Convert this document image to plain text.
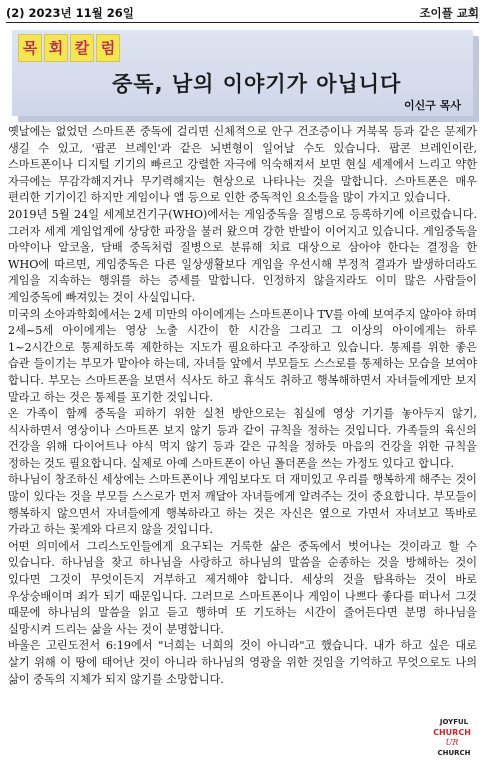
(2) 2023년 11월 26일	조이플 교회
목 회 칼 럼
중독, 남의 이야기가 아닙니다
이신구 목사

옛날에는 없었던 스마트폰 중독에 걸리면 신체적으로 안구 건조증이나 거북목 등과 같은 문제가 생길 수 있고, '팝콘 브레인'과 같은 뇌변형이 일어날 수도 있습니다. 팝콘 브레인이란, 스마트폰이나 디지털 기기의 빠르고 강렬한 자극에 익숙해져서 보면 현실 세계에서 느리고 약한 자극에는 무감각해지거나 무기력해지는 현상으로 나타나는 것을 말합니다. 스마트폰은 매우 편리한 기기이긴 하지만 게임이나 앱 등으로 인한 중독적인 요소들을 많이 가지고 있습니다.

2019년 5월 24일 세계보건기구(WHO)에서는 게임중독을 질병으로 등록하기에 이르렀습니다. 그러자 세계 게임업계에 상당한 파장을 불러 왔으며 강한 반발이 이어지고 있습니다. 게임중독을 마약이나 알코올, 담배 중독처럼 질병으로 분류해 치료 대상으로 삼아야 한다는 결정을 한 WHO에 따르면, 게임중독은 다른 일상생활보다 게임을 우선시해 부정적 결과가 발생하더라도 게임을 지속하는 행위를 하는 증세를 말합니다. 인정하지 않을지라도 이미 많은 사람들이 게임중독에 빠져있는 것이 사실입니다.

미국의 소아과학회에서는 2세 미만의 아이에게는 스마트폰이나 TV를 아예 보여주지 않아야 하며 2세~5세 아이에게는 영상 노출 시간이 한 시간을 그리고 그 이상의 아이에게는 하루 1~2시간으로 통제하도록 제한하는 지도가 필요하다고 주장하고 있습니다. 통제를 위한 좋은 습관 들이기는 부모가 맡아야 하는데, 자녀들 앞에서 부모들도 스스로를 통제하는 모습을 보여야 합니다. 부모는 스마트폰을 보면서 식사도 하고 휴식도 취하고 행복해하면서 자녀들에게만 보지 말라고 하는 것은 통제를 포기한 것입니다.

온 가족이 함께 중독을 피하기 위한 실천 방안으로는 침실에 영상 기기를 놓아두지 않기, 식사하면서 영상이나 스마트폰 보지 않기 등과 같이 규칙을 정하는 것입니다. 가족들의 육신의 건강을 위해 다이어트나 야식 먹지 않기 등과 같은 규칙을 정하듯 마음의 건강을 위한 규칙을 정하는 것도 필요합니다. 실제로 아예 스마트폰이 아닌 폴더폰을 쓰는 가정도 있다고 합니다.

하나님이 창조하신 세상에는 스마트폰이나 게임보다도 더 재미있고 우리를 행복하게 해주는 것이 많이 있다는 것을 부모들 스스로가 먼저 깨달아 자녀들에게 알려주는 것이 중요합니다. 부모들이 행복하지 않으면서 자녀들에게 행복하라고 하는 것은 자신은 옆으로 가면서 자녀보고 똑바로 가라고 하는 꽃게와 다르지 않을 것입니다.

어떤 의미에서 그리스도인들에게 요구되는 거룩한 삶은 중독에서 벗어나는 것이라고 할 수 있습니다. 하나님을 찾고 하나님을 사랑하고 하나님의 말씀을 순종하는 것을 방해하는 것이 있다면 그것이 무엇이든지 거부하고 제거해야 합니다. 세상의 것을 탐욕하는 것이 바로 우상숭배이며 죄가 되기 때문입니다. 그러므로 스마트폰이나 게임이 나쁘다 좋다를 떠나서 그것 때문에 하나님의 말씀을 읽고 듣고 행하며 또 기도하는 시간이 줄어든다면 분명 하나님을 실망시켜 드리는 삶을 사는 것이 분명합니다.

바울은 고린도전서 6:19에서 "너희는 너희의 것이 아니라"고 했습니다. 내가 하고 싶은 대로 살기 위해 이 땅에 태어난 것이 아니라 하나님의 영광을 위한 것임을 기억하고 무엇으로도 나의 삶이 중독의 지체가 되지 않기를 소망합니다.

JOYFUL
CHURCH
UR
CHURCH
